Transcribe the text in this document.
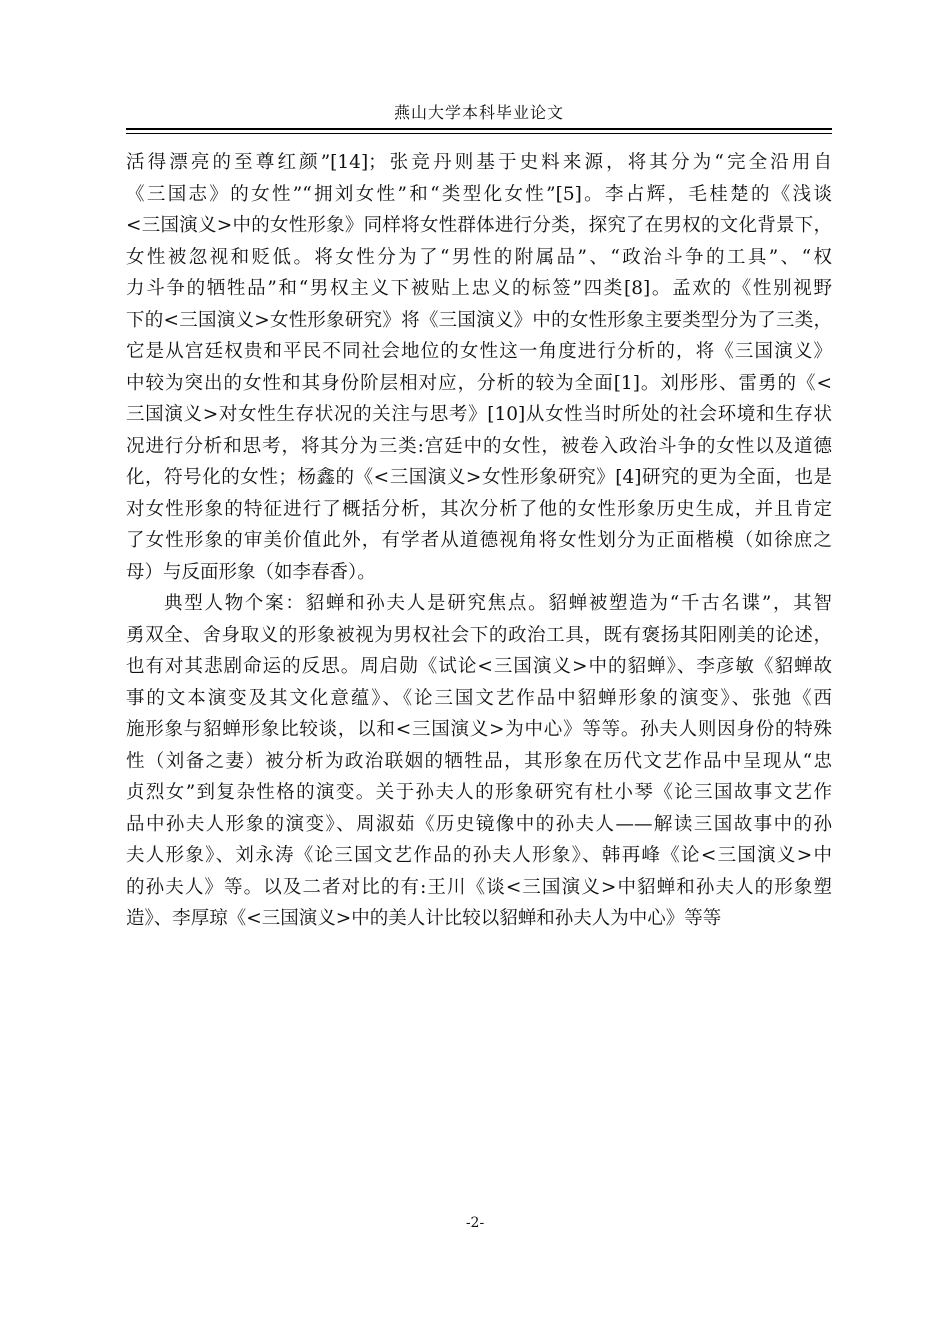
燕山大学本科毕业论文
活得漂亮的至尊红颜”[14]；张竞丹则基于史料来源，将其分为“完全沿用自
《三国志》的女性”“拥刘女性”和“类型化女性”[5]。李占辉，毛桂楚的《浅谈
<三国演义>中的女性形象》同样将女性群体进行分类，探究了在男权的文化背景下，
女性被忽视和贬低。将女性分为了“男性的附属品”、“政治斗争的工具”、“权
力斗争的牺牲品”和“男权主义下被贴上忠义的标签”四类[8]。孟欢的《性别视野
下的<三国演义>女性形象研究》将《三国演义》中的女性形象主要类型分为了三类，
它是从宫廷权贵和平民不同社会地位的女性这一角度进行分析的，将《三国演义》
中较为突出的女性和其身份阶层相对应，分析的较为全面[1]。刘彤彤、雷勇的《<
三国演义>对女性生存状况的关注与思考》[10]从女性当时所处的社会环境和生存状
况进行分析和思考，将其分为三类:宫廷中的女性，被卷入政治斗争的女性以及道德
化，符号化的女性；杨鑫的《<三国演义>女性形象研究》[4]研究的更为全面，也是
对女性形象的特征进行了概括分析，其次分析了他的女性形象历史生成，并且肯定
了女性形象的审美价值此外，有学者从道德视角将女性划分为正面楷模（如徐庶之
母）与反面形象（如李春香）。
典型人物个案：貂蝉和孙夫人是研究焦点。貂蝉被塑造为“千古名谍”，其智
勇双全、舍身取义的形象被视为男权社会下的政治工具，既有褒扬其阳刚美的论述，
也有对其悲剧命运的反思。周启勋《试论<三国演义>中的貂蝉》、李彦敏《貂蝉故
事的文本演变及其文化意蕴》、《论三国文艺作品中貂蝉形象的演变》、张弛《西
施形象与貂蝉形象比较谈，以和<三国演义>为中心》等等。孙夫人则因身份的特殊
性（刘备之妻）被分析为政治联姻的牺牲品，其形象在历代文艺作品中呈现从“忠
贞烈女”到复杂性格的演变。关于孙夫人的形象研究有杜小琴《论三国故事文艺作
品中孙夫人形象的演变》、周淑茹《历史镜像中的孙夫人——解读三国故事中的孙
夫人形象》、刘永涛《论三国文艺作品的孙夫人形象》、韩再峰《论<三国演义>中
的孙夫人》等。以及二者对比的有:王川《谈<三国演义>中貂蝉和孙夫人的形象塑
造》、李厚琼《<三国演义>中的美人计比较以貂蝉和孙夫人为中心》等等
-2-
